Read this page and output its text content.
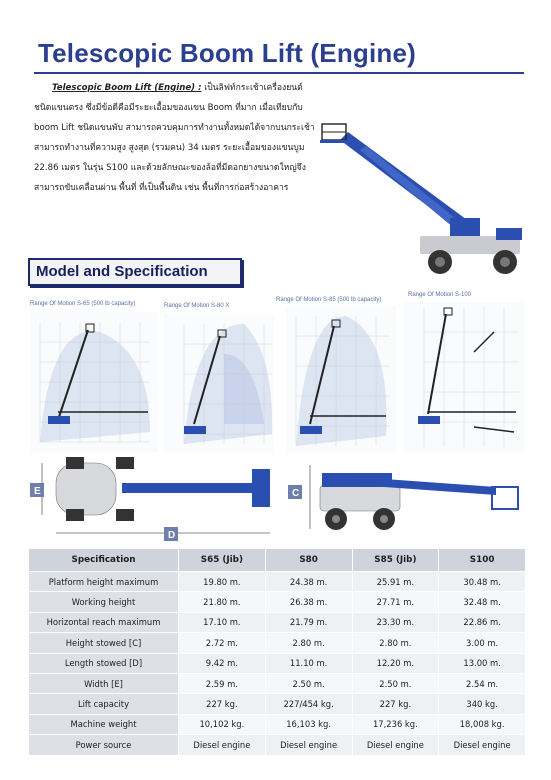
Telescopic Boom Lift (Engine)
Telescopic Boom Lift (Engine) : เป็นลิฟท์กระเช้าเครื่องยนต์ชนิดแขนตรง ซึ่งมีข้อดีคือมีระยะเอื้อมของแขน Boom ที่มาก เมื่อเทียบกับ boom Lift ชนิดแขนพับ สามารถควบคุมการทำงานทั้งหมดได้จากบนกระเช้า สามารถทำงานที่ความสูง สูงสุด (รวมคน) 34 เมตร ระยะเอื้อมของแขนบูม 22.86 เมตร ในรุ่น S100 และด้วยลักษณะของล้อที่มีดอกยางขนาดใหญ่จึงสามารถขับเคลื่อนผ่าน พื้นที่ ที่เป็นพื้นดิน เช่น พื้นที่การก่อสร้างอาคาร
Model and Specification
Range Of Motion S-65 (500 lb capacity)	Range Of Motion S-80 X
Range Of Motion S-85 (500 lb capacity)
Range Of Motion S-100
E
D
C
Specification	S65 (Jib)	S80	S85 (Jib)	S100
Platform height maximum	19.80 m.	24.38 m.	25.91 m.	30.48 m.
Working height	21.80 m.	26.38 m.	27.71 m.	32.48 m.
Horizontal reach maximum	17.10 m.	21.79 m.	23.30 m.	22.86 m.
Height stowed [C]	2.72 m.	2.80 m.	2.80 m.	3.00 m.
Length stowed [D]	9.42 m.	11.10 m.	12.20 m.	13.00 m.
Width [E]	2.59 m.	2.50 m.	2.50 m.	2.54 m.
Lift capacity	227 kg.	227/454 kg.	227 kg.	340 kg.
Machine weight	10,102 kg.	16,103 kg.	17,236 kg.	18,008 kg.
Power source	Diesel engine	Diesel engine	Diesel engine	Diesel engine
